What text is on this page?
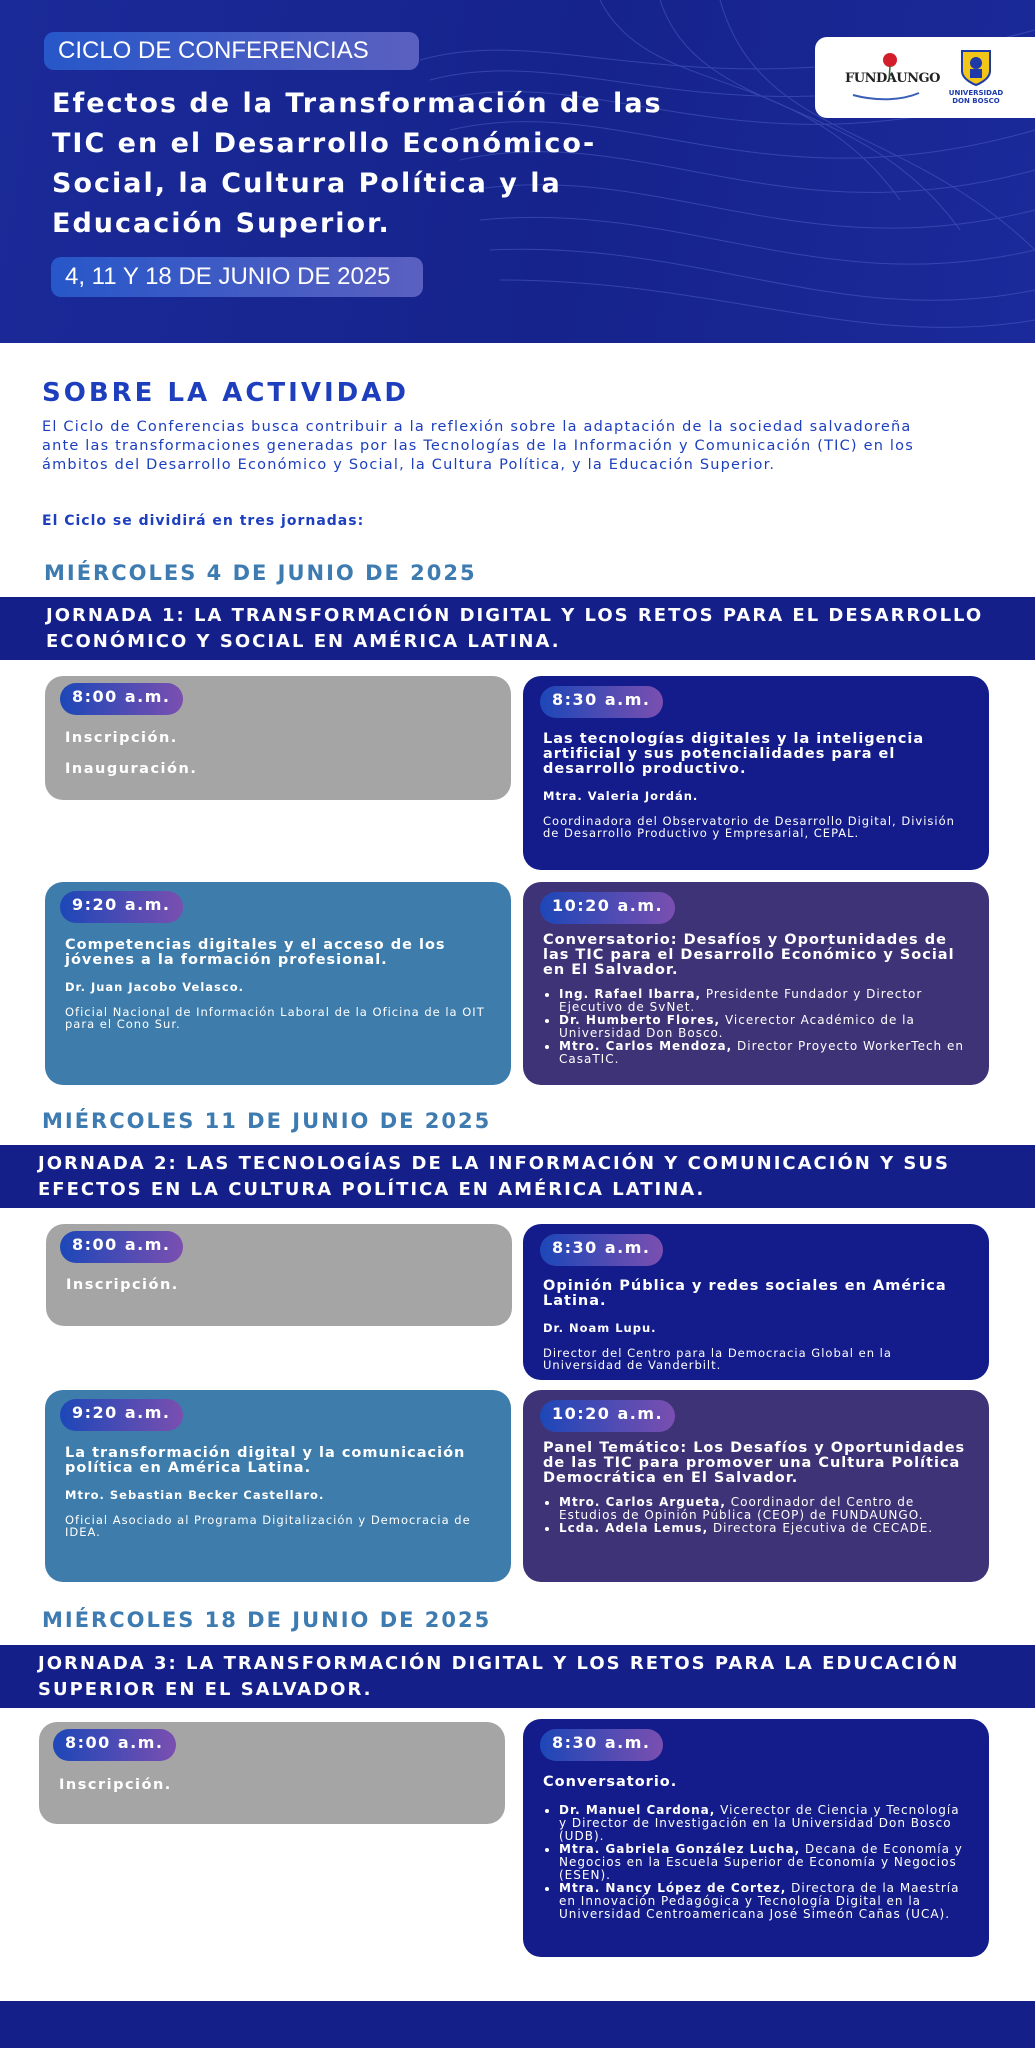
CICLO DE CONFERENCIAS
Efectos de la Transformación de las TIC en el Desarrollo Económico-Social, la Cultura Política y la Educación Superior.
4, 11 Y 18 DE JUNIO DE 2025
FUNDAUNGO
UNIVERSIDAD DON BOSCO
SOBRE LA ACTIVIDAD

El Ciclo de Conferencias busca contribuir a la reflexión sobre la adaptación de la sociedad salvadoreña ante las transformaciones generadas por las Tecnologías de la Información y Comunicación (TIC) en los ámbitos del Desarrollo Económico y Social, la Cultura Política, y la Educación Superior.

El Ciclo se dividirá en tres jornadas:

MIÉRCOLES 4 DE JUNIO DE 2025
JORNADA 1: LA TRANSFORMACIÓN DIGITAL Y LOS RETOS PARA EL DESARROLLO ECONÓMICO Y SOCIAL EN AMÉRICA LATINA.
8:00 a.m.

Inscripción.

Inauguración.

8:30 a.m.

Las tecnologías digitales y la inteligencia artificial y sus potencialidades para el desarrollo productivo.

Mtra. Valeria Jordán.

Coordinadora del Observatorio de Desarrollo Digital, División de Desarrollo Productivo y Empresarial, CEPAL.

9:20 a.m.

Competencias digitales y el acceso de los jóvenes a la formación profesional.

Dr. Juan Jacobo Velasco.

Oficial Nacional de Información Laboral de la Oficina de la OIT para el Cono Sur.

10:20 a.m.

Conversatorio: Desafíos y Oportunidades de las TIC para el Desarrollo Económico y Social en El Salvador.

• Ing. Rafael Ibarra, Presidente Fundador y Director Ejecutivo de SvNet.
• Dr. Humberto Flores, Vicerector Académico de la Universidad Don Bosco.
• Mtro. Carlos Mendoza, Director Proyecto WorkerTech en CasaTIC.
MIÉRCOLES 11 DE JUNIO DE 2025
JORNADA 2: LAS TECNOLOGÍAS DE LA INFORMACIÓN Y COMUNICACIÓN Y SUS EFECTOS EN LA CULTURA POLÍTICA EN AMÉRICA LATINA.
8:00 a.m.

Inscripción.

8:30 a.m.

Opinión Pública y redes sociales en América Latina.

Dr. Noam Lupu.

Director del Centro para la Democracia Global en la Universidad de Vanderbilt.

9:20 a.m.

La transformación digital y la comunicación política en América Latina.

Mtro. Sebastian Becker Castellaro.

Oficial Asociado al Programa Digitalización y Democracia de IDEA.

10:20 a.m.

Panel Temático: Los Desafíos y Oportunidades de las TIC para promover una Cultura Política Democrática en El Salvador.

• Mtro. Carlos Argueta, Coordinador del Centro de Estudios de Opinión Pública (CEOP) de FUNDAUNGO.
• Lcda. Adela Lemus, Directora Ejecutiva de CECADE.
MIÉRCOLES 18 DE JUNIO DE 2025
JORNADA 3: LA TRANSFORMACIÓN DIGITAL Y LOS RETOS PARA LA EDUCACIÓN SUPERIOR EN EL SALVADOR.
8:00 a.m.

Inscripción.

8:30 a.m.

Conversatorio.

• Dr. Manuel Cardona, Vicerector de Ciencia y Tecnología y Director de Investigación en la Universidad Don Bosco (UDB).
• Mtra. Gabriela González Lucha, Decana de Economía y Negocios en la Escuela Superior de Economía y Negocios (ESEN).
• Mtra. Nancy López de Cortez, Directora de la Maestría en Innovación Pedagógica y Tecnología Digital en la Universidad Centroamericana José Simeón Cañas (UCA).
